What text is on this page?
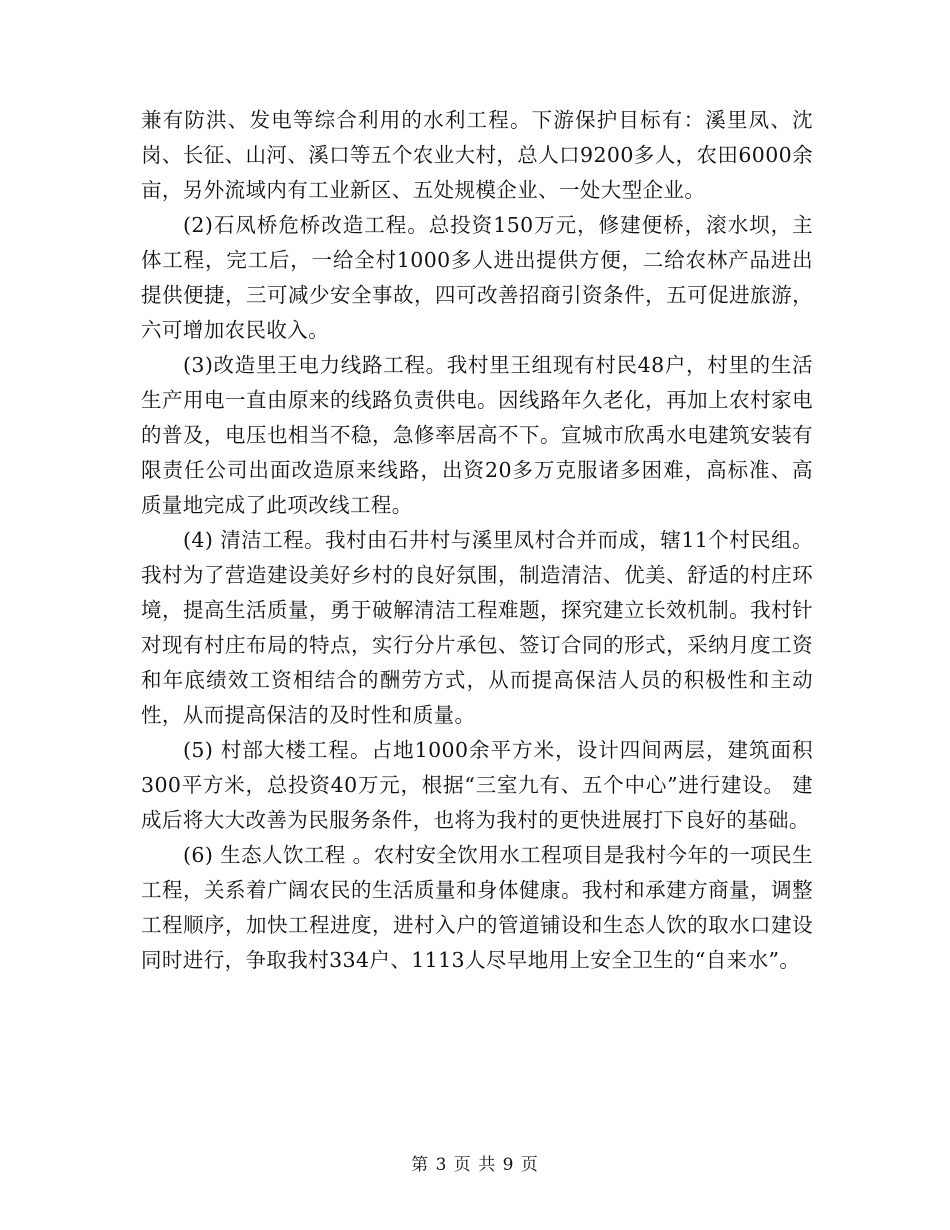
兼有防洪、发电等综合利用的水利工程。下游保护目标有：溪里凤、沈岗、长征、山河、溪口等五个农业大村，总人口9200多人，农田6000余亩，另外流域内有工业新区、五处规模企业、一处大型企业。

(2)石凤桥危桥改造工程。总投资150万元，修建便桥，滚水坝，主体工程，完工后，一给全村1000多人进出提供方便，二给农林产品进出提供便捷，三可减少安全事故，四可改善招商引资条件，五可促进旅游，六可增加农民收入。

(3)改造里王电力线路工程。我村里王组现有村民48户，村里的生活生产用电一直由原来的线路负责供电。因线路年久老化，再加上农村家电的普及，电压也相当不稳，急修率居高不下。宣城市欣禹水电建筑安装有限责任公司出面改造原来线路，出资20多万克服诸多困难，高标准、高质量地完成了此项改线工程。

(4) 清洁工程。我村由石井村与溪里凤村合并而成，辖11个村民组。我村为了营造建设美好乡村的良好氛围，制造清洁、优美、舒适的村庄环境，提高生活质量，勇于破解清洁工程难题，探究建立长效机制。我村针对现有村庄布局的特点，实行分片承包、签订合同的形式，采纳月度工资和年底绩效工资相结合的酬劳方式，从而提高保洁人员的积极性和主动性，从而提高保洁的及时性和质量。

(5) 村部大楼工程。占地1000余平方米，设计四间两层，建筑面积300平方米，总投资40万元，根据“三室九有、五个中心”进行建设。 建成后将大大改善为民服务条件，也将为我村的更快进展打下良好的基础。

(6) 生态人饮工程 。农村安全饮用水工程项目是我村今年的一项民生工程，关系着广阔农民的生活质量和身体健康。我村和承建方商量，调整工程顺序，加快工程进度，进村入户的管道铺设和生态人饮的取水口建设同时进行，争取我村334户、1113人尽早地用上安全卫生的“自来水”。

第 3 页 共 9 页
